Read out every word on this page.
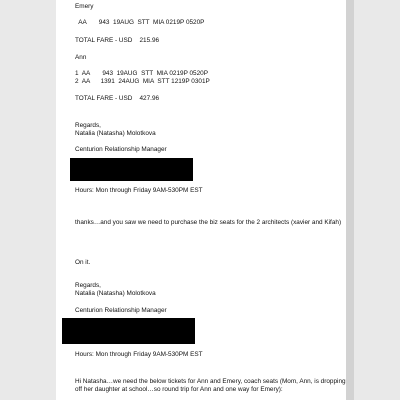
Emery
AA       943  19AUG  STT  MIA 0219P 0520P
TOTAL FARE - USD    215.96
Ann
1  AA       943  19AUG  STT  MIA 0219P 0520P
2  AA      1391  24AUG  MIA  STT 1219P 0301P
TOTAL FARE - USD    427.96
Regards,
Natalia (Natasha) Molotkova
Centurion Relationship Manager
Hours: Mon through Friday 9AM-530PM EST
thanks…and you saw we need to purchase the biz seats for the 2 architects (xavier and Kifah)
On it.
Regards,
Natalia (Natasha) Molotkova
Centurion Relationship Manager
Hours: Mon through Friday 9AM-530PM EST
Hi Natasha…we need the below tickets for Ann and Emery, coach seats (Mom, Ann, is dropping off her daughter at school…so round trip for Ann and one way for Emery):
